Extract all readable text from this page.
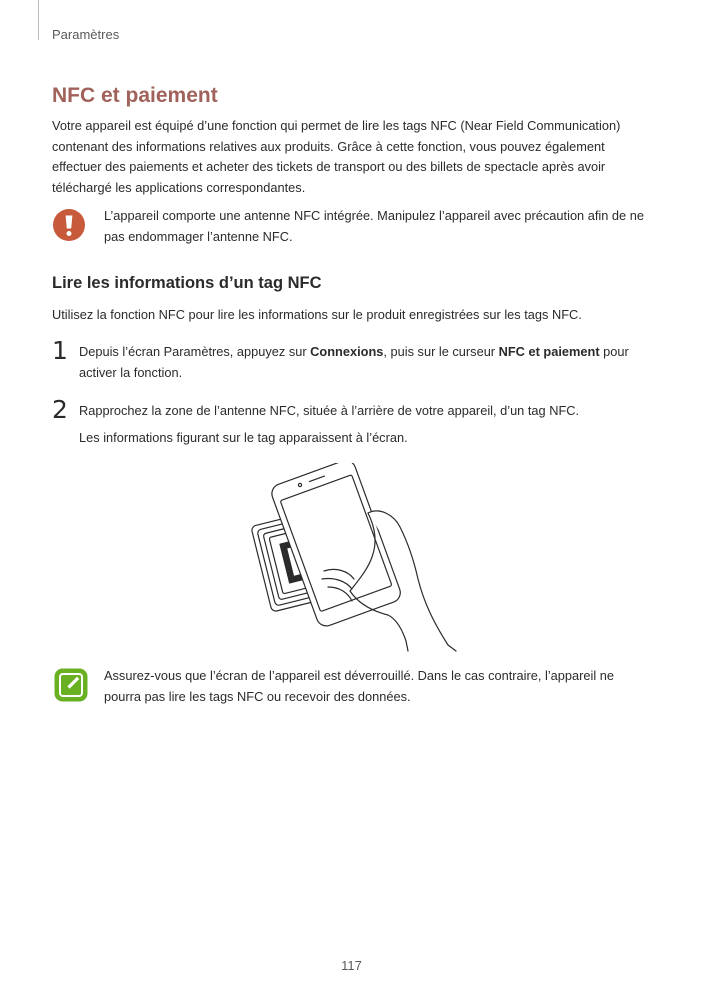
Paramètres
NFC et paiement

Votre appareil est équipé d’une fonction qui permet de lire les tags NFC (Near Field Communication) contenant des informations relatives aux produits. Grâce à cette fonction, vous pouvez également effectuer des paiements et acheter des tickets de transport ou des billets de spectacle après avoir téléchargé les applications correspondantes.

L’appareil comporte une antenne NFC intégrée. Manipulez l’appareil avec précaution afin de ne pas endommager l’antenne NFC.

Lire les informations d’un tag NFC

Utilisez la fonction NFC pour lire les informations sur le produit enregistrées sur les tags NFC.

1 Depuis l’écran Paramètres, appuyez sur Connexions, puis sur le curseur NFC et paiement pour activer la fonction.

2 Rapprochez la zone de l’antenne NFC, située à l’arrière de votre appareil, d’un tag NFC.

Les informations figurant sur le tag apparaissent à l’écran.

Assurez-vous que l’écran de l’appareil est déverrouillé. Dans le cas contraire, l’appareil ne pourra pas lire les tags NFC ou recevoir des données.

117
